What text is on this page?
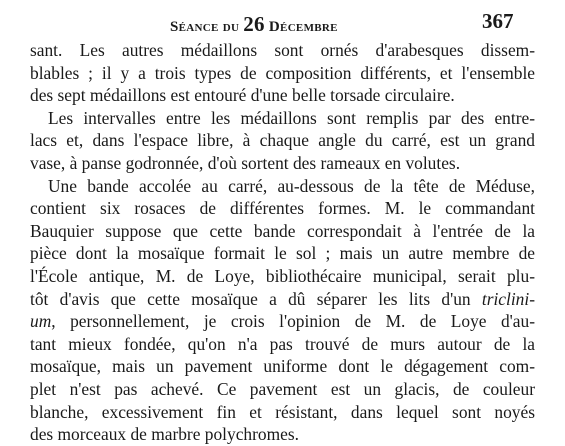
Séance du 26 Décembre	367
sant. Les autres médaillons sont ornés d'arabesques dissem-
blables ; il y a trois types de composition différents, et l'ensemble
des sept médaillons est entouré d'une belle torsade circulaire.
Les intervalles entre les médaillons sont remplis par des entre-
lacs et, dans l'espace libre, à chaque angle du carré, est un grand
vase, à panse godronnée, d'où sortent des rameaux en volutes.
Une bande accolée au carré, au-dessous de la tête de Méduse,
contient six rosaces de différentes formes. M. le commandant
Bauquier suppose que cette bande correspondait à l'entrée de la
pièce dont la mosaïque formait le sol ; mais un autre membre de
l'École antique, M. de Loye, bibliothécaire municipal, serait plu-
tôt d'avis que cette mosaïque a dû séparer les lits d'un triclini-
um, personnellement, je crois l'opinion de M. de Loye d'au-
tant mieux fondée, qu'on n'a pas trouvé de murs autour de la
mosaïque, mais un pavement uniforme dont le dégagement com-
plet n'est pas achevé. Ce pavement est un glacis, de couleur
blanche, excessivement fin et résistant, dans lequel sont noyés
des morceaux de marbre polychromes.
